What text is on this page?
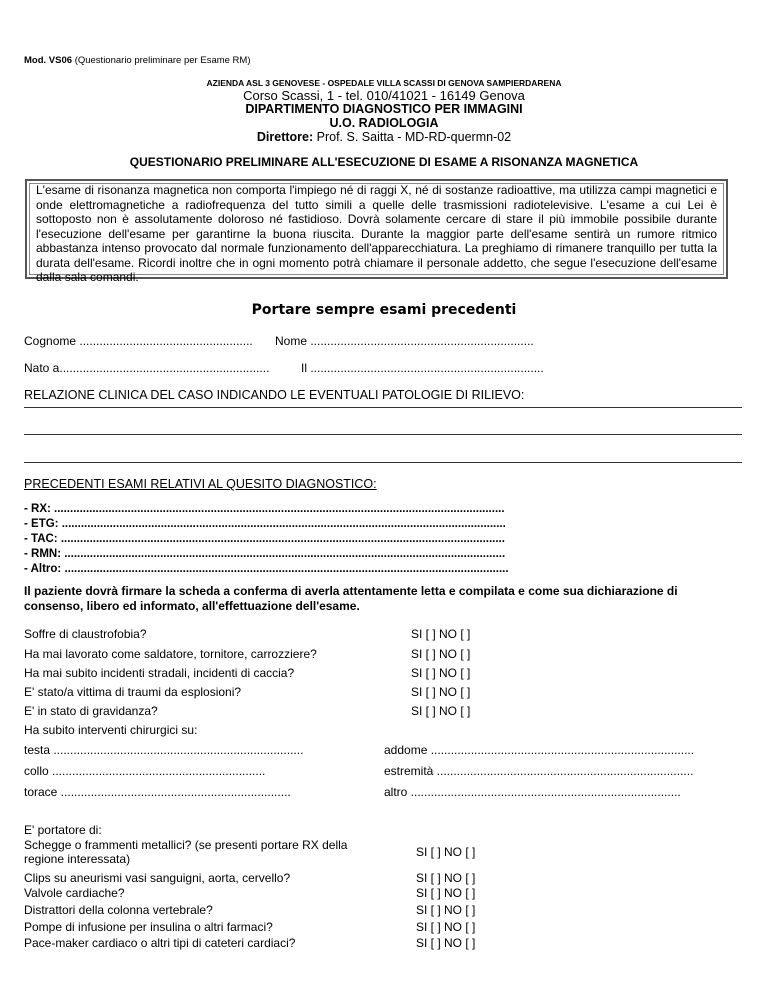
Mod. VS06 (Questionario preliminare per Esame RM)
AZIENDA ASL 3 GENOVESE - OSPEDALE VILLA SCASSI DI GENOVA SAMPIERDARENA
Corso Scassi, 1 - tel. 010/41021 - 16149 Genova
DIPARTIMENTO DIAGNOSTICO PER IMMAGINI
U.O. RADIOLOGIA
Direttore: Prof. S. Saitta - MD-RD-quermn-02
QUESTIONARIO PRELIMINARE ALL'ESECUZIONE DI ESAME A RISONANZA MAGNETICA
L'esame di risonanza magnetica non comporta l'impiego né di raggi X, né di sostanze radioattive, ma utilizza campi magnetici e onde elettromagnetiche a radiofrequenza del tutto simili a quelle delle trasmissioni radiotelevisive. L'esame a cui Lei è sottoposto non è assolutamente doloroso né fastidioso. Dovrà solamente cercare di stare il più immobile possibile durante l'esecuzione dell'esame per garantirne la buona riuscita. Durante la maggior parte dell'esame sentirà un rumore ritmico abbastanza intenso provocato dal normale funzionamento dell'apparecchiatura. La preghiamo di rimanere tranquillo per tutta la durata dell'esame. Ricordi inoltre che in ogni momento potrà chiamare il personale addetto, che segue l'esecuzione dell'esame dalla sala comandi.
Portare sempre esami precedenti
Cognome .................................................... Nome ...................................................................
Nato a...............................................................	Il ......................................................................
RELAZIONE CLINICA DEL CASO INDICANDO LE EVENTUALI PATOLOGIE DI RILIEVO:
PRECEDENTI ESAMI RELATIVI AL QUESITO DIAGNOSTICO:
- RX: .............................................................................................................................................
- ETG: ...........................................................................................................................................
- TAC: ...........................................................................................................................................
- RMN: ..........................................................................................................................................
- Altro: ...........................................................................................................................................
Il paziente dovrà firmare la scheda a conferma di averla attentamente letta e compilata e come sua dichiarazione di consenso, libero ed informato, all'effettuazione dell'esame.
Soffre di claustrofobia?	SI [ ] NO [ ]
Ha mai lavorato come saldatore, tornitore, carrozziere?	SI [ ] NO [ ]
Ha mai subito incidenti stradali, incidenti di caccia?	SI [ ] NO [ ]
E' stato/a vittima di traumi da esplosioni?	SI [ ] NO [ ]
E' in stato di gravidanza?	SI [ ] NO [ ]
Ha subito interventi chirurgici su:
testa ...........................................................................	addome ...............................................................................
collo ................................................................	estremità .............................................................................
torace .....................................................................	altro .................................................................................
E' portatore di:
Schegge o frammenti metallici? (se presenti portare RX della
regione interessata)	SI [ ] NO [ ]
Clips su aneurismi vasi sanguigni, aorta, cervello?	SI [ ] NO [ ]
Valvole cardiache?	SI [ ] NO [ ]
Distrattori della colonna vertebrale?	SI [ ] NO [ ]
Pompe di infusione per insulina o altri farmaci?	SI [ ] NO [ ]
Pace-maker cardiaco o altri tipi di cateteri cardiaci?	SI [ ] NO [ ]
